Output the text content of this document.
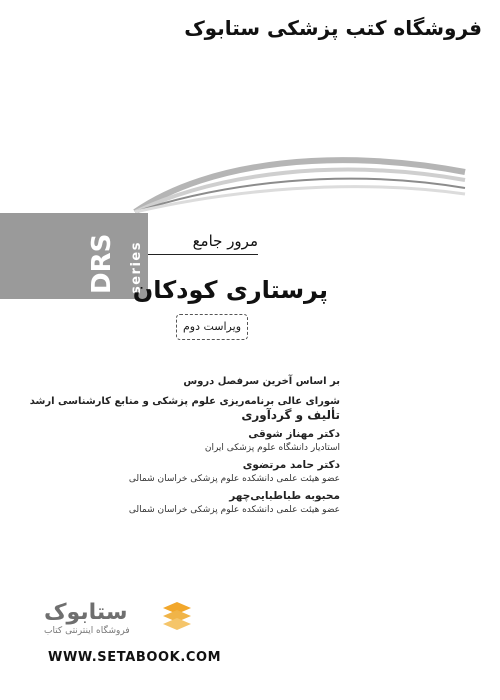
فروشگاه کتب پزشکی ستابوک
DRS series
مرور جامع
پرستاری کودکان
ویراست دوم
بر اساس آخرین سرفصل دروس
شورای عالی برنامه‌ریزی علوم پزشکی و منابع کارشناسی ارشد
تألیف و گردآوری
دکتر مهناز شوقی
استادیار دانشگاه علوم پزشکی ایران
دکتر حامد مرتضوی
عضو هیئت علمی دانشکده علوم پزشکی خراسان شمالی
محبوبه طباطبایی‌چهر
عضو هیئت علمی دانشکده علوم پزشکی خراسان شمالی
ستابوک
فروشگاه اینترنتی کتاب
WWW.SETABOOK.COM
